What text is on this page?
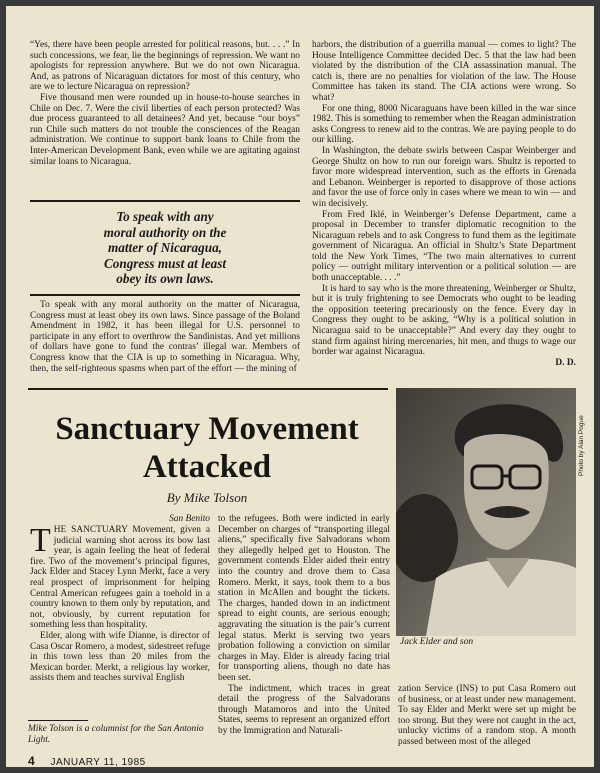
“Yes, there have been people arrested for political reasons, but. . . .” In such concessions, we fear, lie the beginnings of repression. We want no apologists for repression anywhere. But we do not own Nicaragua. And, as patrons of Nicaraguan dictators for most of this century, who are we to lecture Nicaragua on repression?

Five thousand men were rounded up in house-to-house searches in Chile on Dec. 7. Were the civil liberties of each person protected? Was due process guaranteed to all detainees? And yet, because “our boys” run Chile such matters do not trouble the consciences of the Reagan administration. We continue to support bank loans to Chile from the Inter-American Development Bank, even while we are agitating against similar loans to Nicaragua.

To speak with any
moral authority on the
matter of Nicaragua,
Congress must at least
obey its own laws.

To speak with any moral authority on the matter of Nicaragua, Congress must at least obey its own laws. Since passage of the Boland Amendment in 1982, it has been illegal for U.S. personnel to participate in any effort to overthrow the Sandinistas. And yet millions of dollars have gone to fund the contras’ illegal war. Members of Congress know that the CIA is up to something in Nicaragua. Why, then, the self-righteous spasms when part of the effort — the mining of

harbors, the distribution of a guerrilla manual — comes to light? The House Intelligence Committee decided Dec. 5 that the law had been violated by the distribution of the CIA assassination manual. The catch is, there are no penalties for violation of the law. The House Committee has taken its stand. The CIA actions were wrong. So what?

For one thing, 8000 Nicaraguans have been killed in the war since 1982. This is something to remember when the Reagan administration asks Congress to renew aid to the contras. We are paying people to do our killing.

In Washington, the debate swirls between Caspar Weinberger and George Shultz on how to run our foreign wars. Shultz is reported to favor more widespread intervention, such as the efforts in Grenada and Lebanon. Weinberger is reported to disapprove of those actions and favor the use of force only in cases where we mean to win — and win decisively.

From Fred Iklé, in Weinberger’s Defense Department, came a proposal in December to transfer diplomatic recognition to the Nicaraguan rebels and to ask Congress to fund them as the legitimate government of Nicaragua. An official in Shultz’s State Department told the New York Times, “The two main alternatives to current policy — outright military intervention or a political solution — are both unacceptable. . . .”

It is hard to say who is the more threatening, Weinberger or Shultz, but it is truly frightening to see Democrats who ought to be leading the opposition teetering precariously on the fence. Every day in Congress they ought to be asking, “Why is a political solution in Nicaragua said to be unacceptable?” And every day they ought to stand firm against hiring mercenaries, hit men, and thugs to wage our border war against Nicaragua.

D. D.
Sanctuary Movement
Attacked
By Mike Tolson
Photo by Alan Pogue
Jack Elder and son
San Benito

THE SANCTUARY Movement, given a judicial warning shot across its bow last year, is again feeling the heat of federal fire. Two of the movement’s principal figures, Jack Elder and Stacey Lynn Merkt, face a very real prospect of imprisonment for helping Central American refugees gain a toehold in a country known to them only by reputation, and not, obviously, by current reputation for something less than hospitality.

Elder, along with wife Dianne, is director of Casa Oscar Romero, a modest, sidestreet refuge in this town less than 20 miles from the Mexican border. Merkt, a religious lay worker, assists them and teaches survival English

Mike Tolson is a columnist for the San Antonio Light.

to the refugees. Both were indicted in early December on charges of “transporting illegal aliens,” specifically five Salvadorans whom they allegedly helped get to Houston. The government contends Elder aided their entry into the country and drove them to Casa Romero. Merkt, it says, took them to a bus station in McAllen and bought the tickets. The charges, handed down in an indictment spread to eight counts, are serious enough; aggravating the situation is the pair’s current legal status. Merkt is serving two years probation following a conviction on similar charges in May. Elder is already facing trial for transporting aliens, though no date has been set.

The indictment, which traces in great detail the progress of the Salvadorans through Matamoros and into the United States, seems to represent an organized effort by the Immigration and Naturali-

zation Service (INS) to put Casa Romero out of business, or at least under new management. To say Elder and Merkt were set up might be too strong. But they were not caught in the act, unlucky victims of a random stop. A month passed between most of the alleged

4 JANUARY 11, 1985
